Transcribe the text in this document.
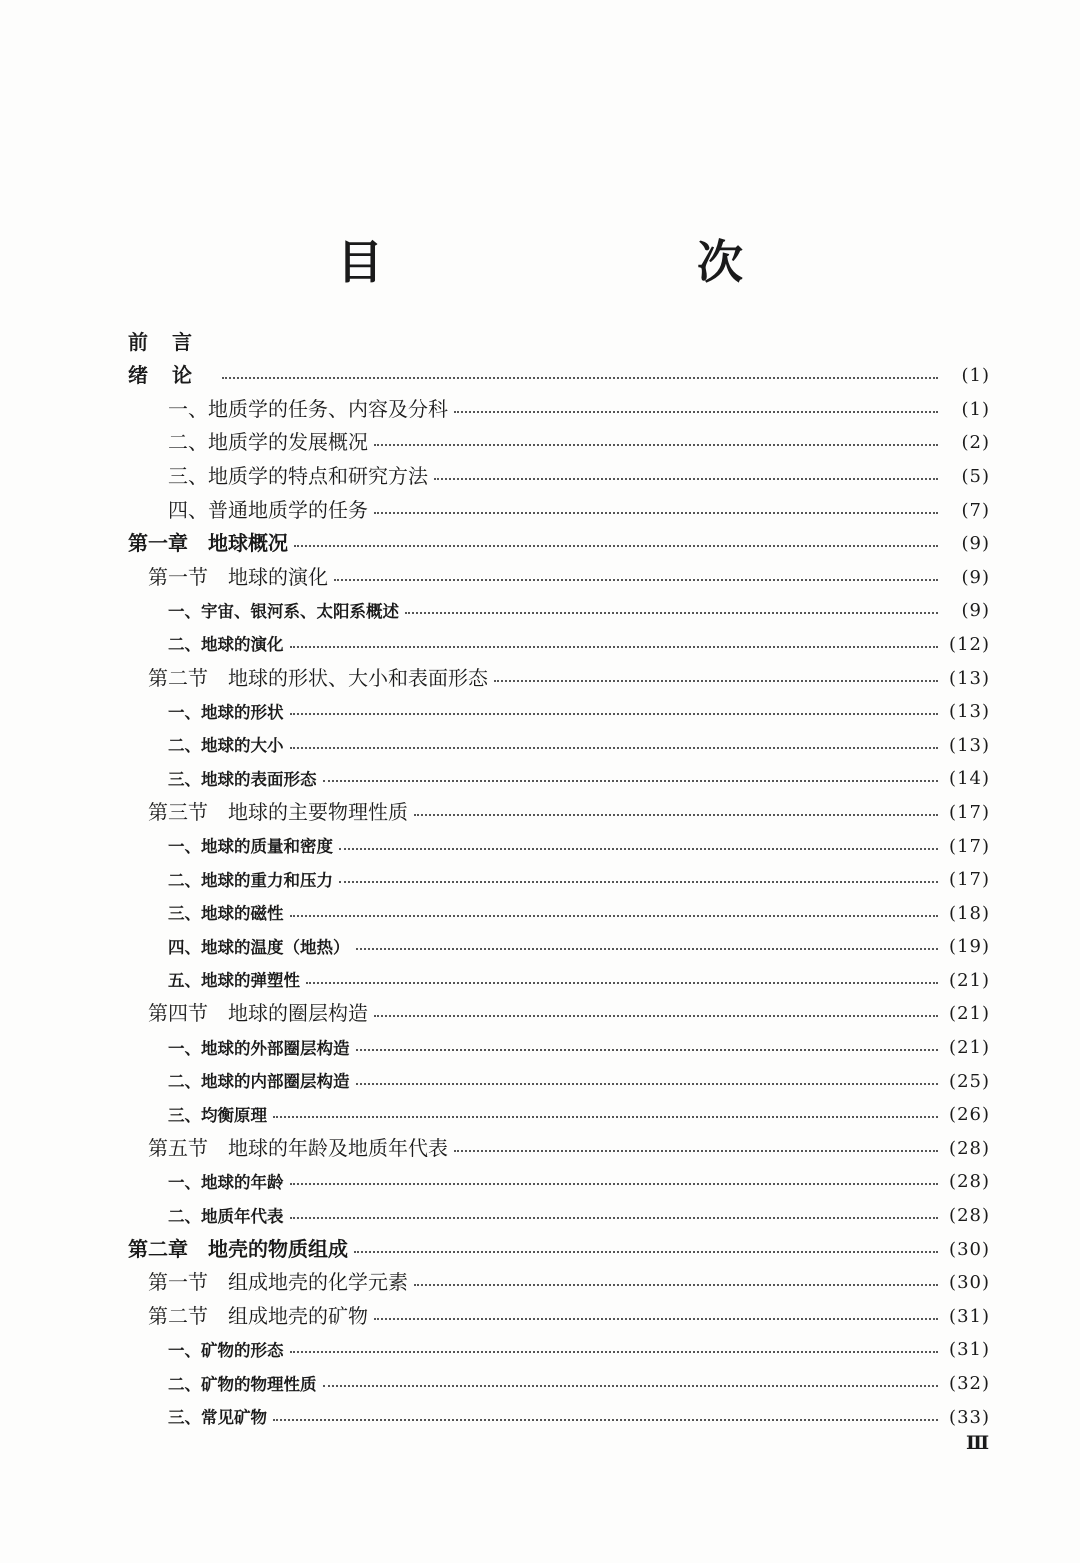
目　　次
前言
绪论	(1)
一、地质学的任务、内容及分科	(1)
二、地质学的发展概况	(2)
三、地质学的特点和研究方法	(5)
四、普通地质学的任务	(7)
第一章　地球概况	(9)
第一节　地球的演化	(9)
一、宇宙、银河系、太阳系概述	(9)
二、地球的演化	(12)
第二节　地球的形状、大小和表面形态	(13)
一、地球的形状	(13)
二、地球的大小	(13)
三、地球的表面形态	(14)
第三节　地球的主要物理性质	(17)
一、地球的质量和密度	(17)
二、地球的重力和压力	(17)
三、地球的磁性	(18)
四、地球的温度（地热）	(19)
五、地球的弹塑性	(21)
第四节　地球的圈层构造	(21)
一、地球的外部圈层构造	(21)
二、地球的内部圈层构造	(25)
三、均衡原理	(26)
第五节　地球的年龄及地质年代表	(28)
一、地球的年龄	(28)
二、地质年代表	(28)
第二章　地壳的物质组成	(30)
第一节　组成地壳的化学元素	(30)
第二节　组成地壳的矿物	(31)
一、矿物的形态	(31)
二、矿物的物理性质	(32)
三、常见矿物	(33)
Ⅲ
